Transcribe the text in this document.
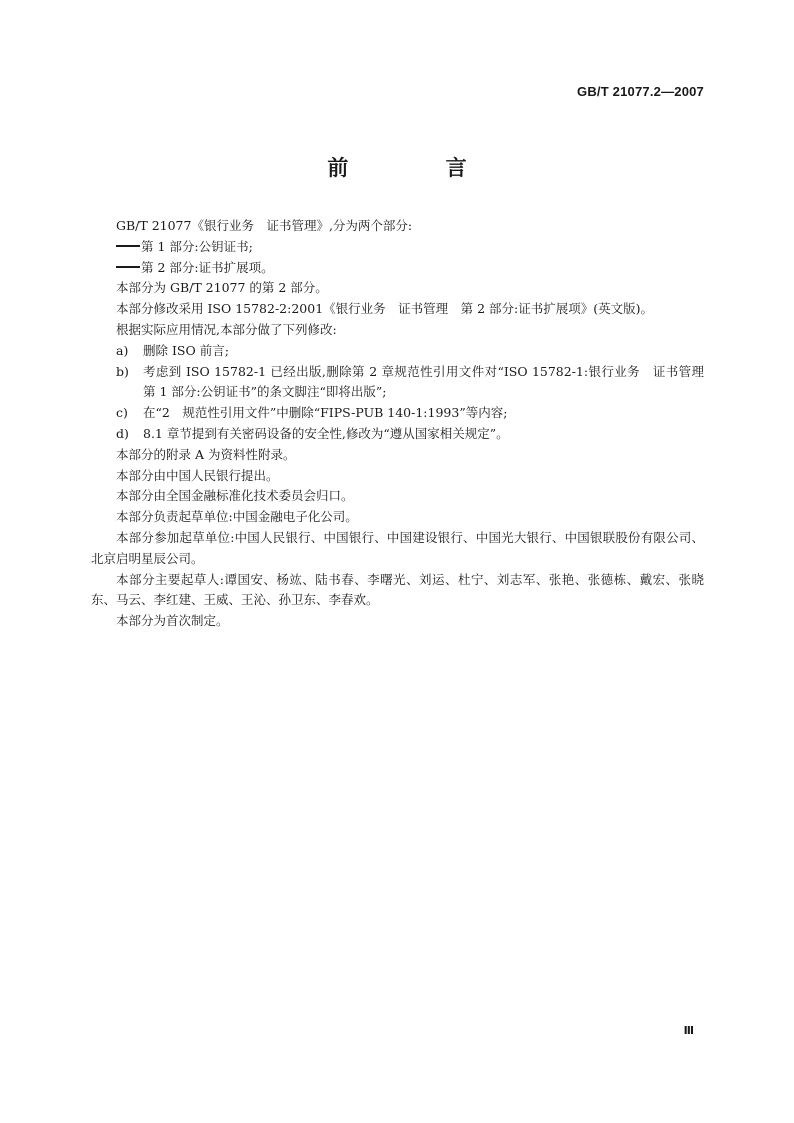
GB/T 21077.2—2007
前 言

GB/T 21077《银行业务　证书管理》,分为两个部分:

第 1 部分:公钥证书;

第 2 部分:证书扩展项。

本部分为 GB/T 21077 的第 2 部分。

本部分修改采用 ISO 15782-2:2001《银行业务　证书管理　第 2 部分:证书扩展项》(英文版)。

根据实际应用情况,本部分做了下列修改:

a) 删除 ISO 前言;
b) 考虑到 ISO 15782-1 已经出版,删除第 2 章规范性引用文件对“ISO 15782-1:银行业务　证书管理　第 1 部分:公钥证书”的条文脚注“即将出版”;
c) 在“2　规范性引用文件”中删除“FIPS-PUB 140-1:1993”等内容;
d) 8.1 章节提到有关密码设备的安全性,修改为“遵从国家相关规定”。

本部分的附录 A 为资料性附录。

本部分由中国人民银行提出。

本部分由全国金融标准化技术委员会归口。

本部分负责起草单位:中国金融电子化公司。

本部分参加起草单位:中国人民银行、中国银行、中国建设银行、中国光大银行、中国银联股份有限公司、北京启明星辰公司。

本部分主要起草人:谭国安、杨竑、陆书春、李曙光、刘运、杜宁、刘志军、张艳、张德栋、戴宏、张晓东、马云、李红建、王威、王沁、孙卫东、李春欢。

本部分为首次制定。

Ⅲ
